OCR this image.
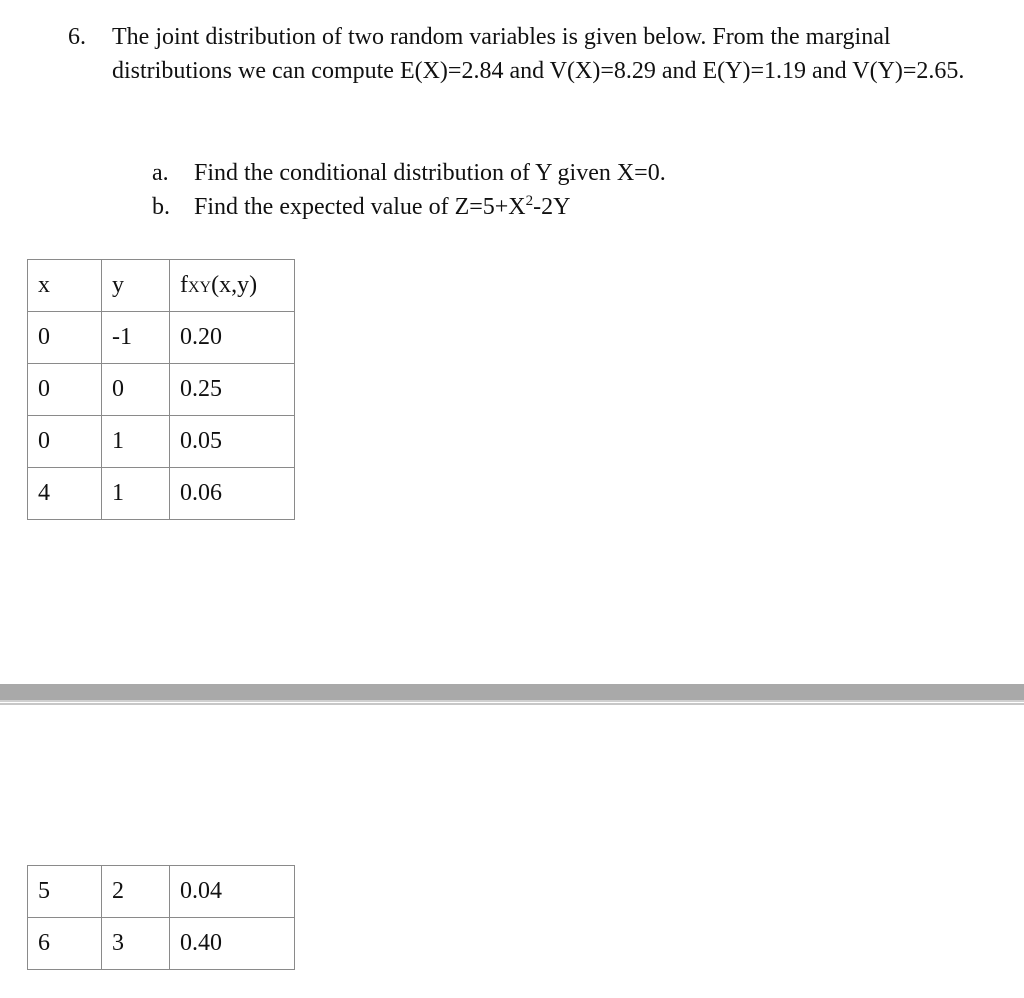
6. The joint distribution of two random variables is given below. From the marginal distributions we can compute E(X)=2.84 and V(X)=8.29 and E(Y)=1.19 and V(Y)=2.65.
a. Find the conditional distribution of Y given X=0.
b. Find the expected value of $Z=5+X^2-2Y$
x	y	fXY(x,y)
0	-1	0.20
0	0	0.25
0	1	0.05
4	1	0.06
5	2	0.04
6	3	0.40
